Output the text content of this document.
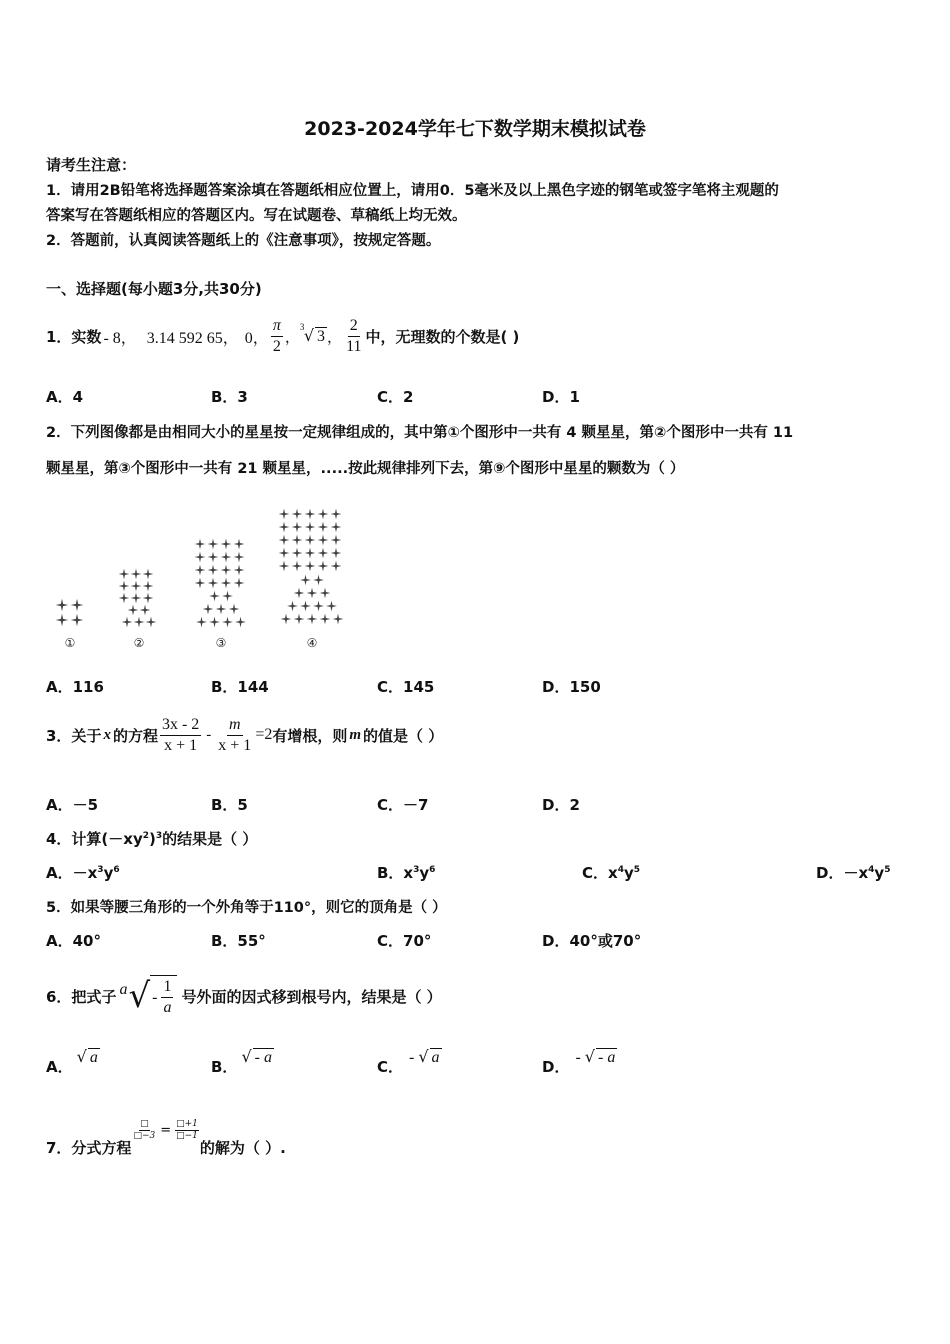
2023-2024学年七下数学期末模拟试卷
请考生注意：
1．请用2B铅笔将选择题答案涂填在答题纸相应位置上，请用0．5毫米及以上黑色字迹的钢笔或签字笔将主观题的
答案写在答题纸相应的答题区内。写在试题卷、草稿纸上均无效。
2．答题前，认真阅读答题纸上的《注意事项》，按规定答题。
一、选择题(每小题3分,共30分)
1．实数 - 8， 3.14 592 65， 0， $\frac{\pi}{2}$ ，
3 √ 3 ， $\frac{2}{11}$ 中，无理数的个数是( )
A．4	B．3	C．2	D．1
2．下列图像都是由相同大小的星星按一定规律组成的，其中第①个图形中一共有 4 颗星星，第②个图形中一共有 11
颗星星，第③个图形中一共有 21 颗星星，.....按此规律排列下去，第⑨个图形中星星的颗数为（ ）
①	②	③	④
A．116	B．144	C．145	D．150
3．关于 x 的方程 $\frac{3x - 2}{x + 1} - \frac{m}{x + 1} =2$ 有增根，则 m 的值是（ ）
A．－5	B．5	C．－7	D．2
4．计算$(-xy^2)^3$的结果是（ ）
A．$-x^3y^6$	B．$x^3y^6$	C．$x^4y^5$	D．$-x^4y^5$
5．如果等腰三角形的一个外角等于110°，则它的顶角是（ ）
A．40°	B．55°	C．70°	D．40°或70°
6．把式子 a √ - $\frac{1}{a}$ 号外面的因式移到根号内，结果是（ ）
A．
√ a
B．
√ - a
C．
- √ a
D．
- √ - a
7．分式方程
□
□−3 = $\frac{□+1}{□-1}$
的解为（ ）.
